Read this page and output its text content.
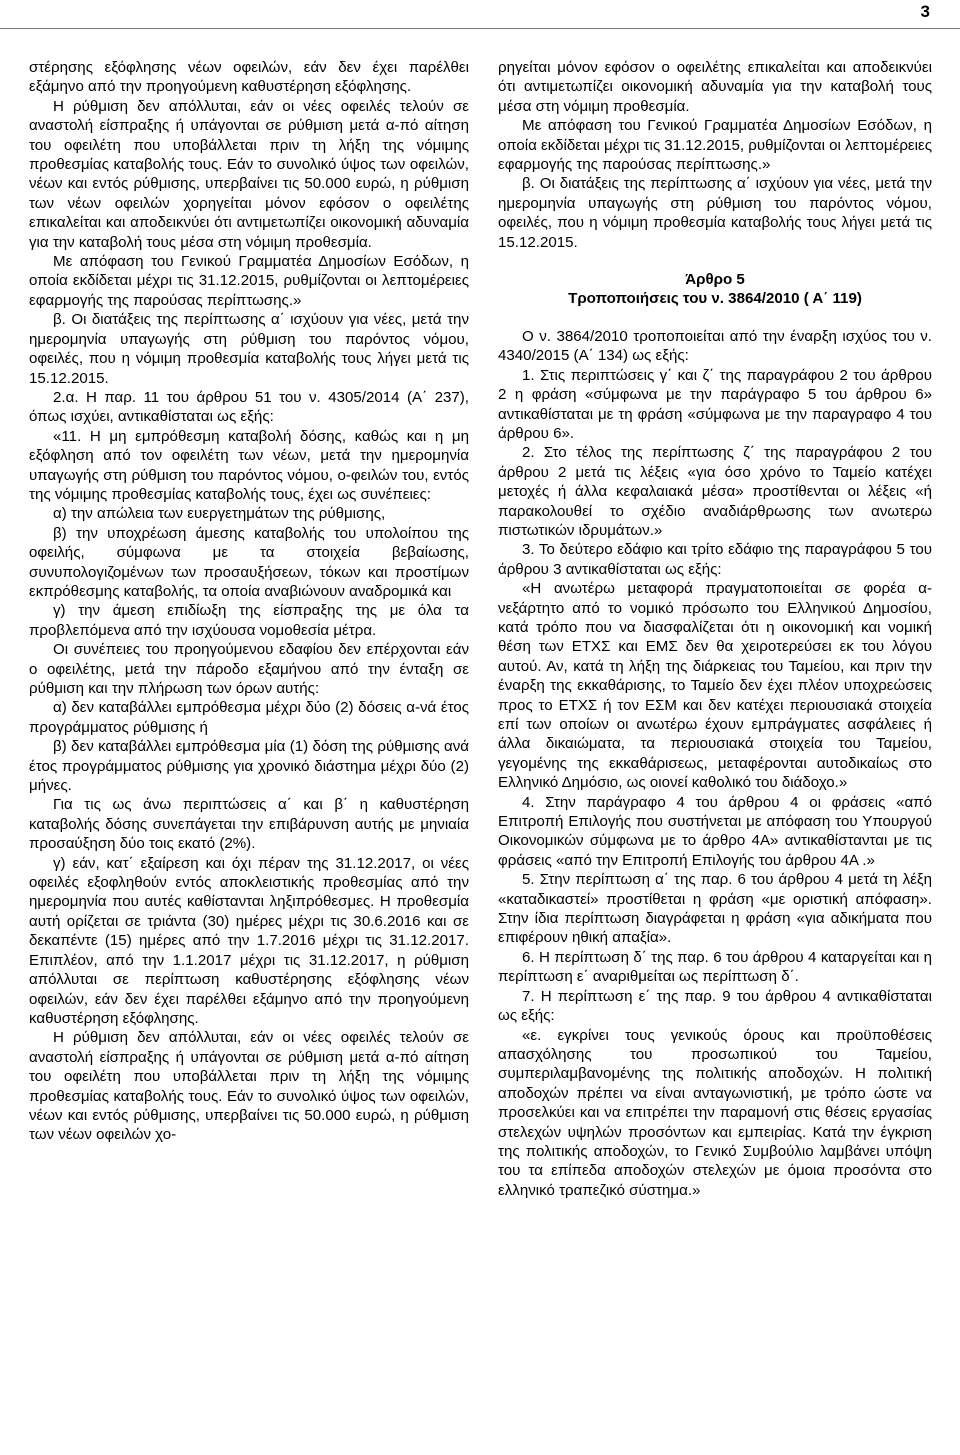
3

στέρησης εξόφλησης νέων οφειλών, εάν δεν έχει παρέλθει εξάμηνο από την προηγούμενη καθυστέρηση εξόφλησης.

Η ρύθμιση δεν απόλλυται, εάν οι νέες οφειλές τελούν σε αναστολή είσπραξης ή υπάγονται σε ρύθμιση μετά α-πό αίτηση του οφειλέτη που υποβάλλεται πριν τη λήξη της νόμιμης προθεσμίας καταβολής τους. Εάν το συνολικό ύψος των οφειλών, νέων και εντός ρύθμισης, υπερβαίνει τις 50.000 ευρώ, η ρύθμιση των νέων οφειλών χορηγείται μόνον εφόσον ο οφειλέτης επικαλείται και αποδεικνύει ότι αντιμετωπίζει οικονομική αδυναμία για την καταβολή τους μέσα στη νόμιμη προθεσμία.

Με απόφαση του Γενικού Γραμματέα Δημοσίων Εσόδων, η οποία εκδίδεται μέχρι τις 31.12.2015, ρυθμίζονται οι λεπτομέρειες εφαρμογής της παρούσας περίπτωσης.»

β. Οι διατάξεις της περίπτωσης α΄ ισχύουν για νέες, μετά την ημερομηνία υπαγωγής στη ρύθμιση του παρόντος νόμου, οφειλές, που η νόμιμη προθεσμία καταβολής τους λήγει μετά τις 15.12.2015.

2.α. Η παρ. 11 του άρθρου 51 του ν. 4305/2014 (Α΄ 237), όπως ισχύει, αντικαθίσταται ως εξής:

«11. Η μη εμπρόθεσμη καταβολή δόσης, καθώς και η μη εξόφληση από τον οφειλέτη των νέων, μετά την ημερομηνία υπαγωγής στη ρύθμιση του παρόντος νόμου, ο-φειλών του, εντός της νόμιμης προθεσμίας καταβολής τους, έχει ως συνέπειες:

α) την απώλεια των ευεργετημάτων της ρύθμισης,

β) την υποχρέωση άμεσης καταβολής του υπολοίπου της οφειλής, σύμφωνα με τα στοιχεία βεβαίωσης, συνυπολογιζομένων των προσαυξήσεων, τόκων και προστίμων εκπρόθεσμης καταβολής, τα οποία αναβιώνουν αναδρομικά και

γ) την άμεση επιδίωξη της είσπραξης της με όλα τα προβλεπόμενα από την ισχύουσα νομοθεσία μέτρα.

Οι συνέπειες του προηγούμενου εδαφίου δεν επέρχονται εάν ο οφειλέτης, μετά την πάροδο εξαμήνου από την ένταξη σε ρύθμιση και την πλήρωση των όρων αυτής:

α) δεν καταβάλλει εμπρόθεσμα μέχρι δύο (2) δόσεις α-νά έτος προγράμματος ρύθμισης ή

β) δεν καταβάλλει εμπρόθεσμα μία (1) δόση της ρύθμισης ανά έτος προγράμματος ρύθμισης για χρονικό διάστημα μέχρι δύο (2) μήνες.

Για τις ως άνω περιπτώσεις α΄ και β΄ η καθυστέρηση καταβολής δόσης συνεπάγεται την επιβάρυνση αυτής με μηνιαία προσαύξηση δύο τοις εκατό (2%).

γ) εάν, κατ΄ εξαίρεση και όχι πέραν της 31.12.2017, οι νέες οφειλές εξοφληθούν εντός αποκλειστικής προθεσμίας από την ημερομηνία που αυτές καθίστανται ληξιπρόθεσμες. Η προθεσμία αυτή ορίζεται σε τριάντα (30) ημέρες μέχρι τις 30.6.2016 και σε δεκαπέντε (15) ημέρες από την 1.7.2016 μέχρι τις 31.12.2017. Επιπλέον, από την 1.1.2017 μέχρι τις 31.12.2017, η ρύθμιση απόλλυται σε περίπτωση καθυστέρησης εξόφλησης νέων οφειλών, εάν δεν έχει παρέλθει εξάμηνο από την προηγούμενη καθυστέρηση εξόφλησης.

Η ρύθμιση δεν απόλλυται, εάν οι νέες οφειλές τελούν σε αναστολή είσπραξης ή υπάγονται σε ρύθμιση μετά α-πό αίτηση του οφειλέτη που υποβάλλεται πριν τη λήξη της νόμιμης προθεσμίας καταβολής τους. Εάν το συνολικό ύψος των οφειλών, νέων και εντός ρύθμισης, υπερβαίνει τις 50.000 ευρώ, η ρύθμιση των νέων οφειλών χο-

ρηγείται μόνον εφόσον ο οφειλέτης επικαλείται και αποδεικνύει ότι αντιμετωπίζει οικονομική αδυναμία για την καταβολή τους μέσα στη νόμιμη προθεσμία.

Με απόφαση του Γενικού Γραμματέα Δημοσίων Εσόδων, η οποία εκδίδεται μέχρι τις 31.12.2015, ρυθμίζονται οι λεπτομέρειες εφαρμογής της παρούσας περίπτωσης.»

β. Οι διατάξεις της περίπτωσης α΄ ισχύουν για νέες, μετά την ημερομηνία υπαγωγής στη ρύθμιση του παρόντος νόμου, οφειλές, που η νόμιμη προθεσμία καταβολής τους λήγει μετά τις 15.12.2015.

Άρθρο 5
Τροποποιήσεις του ν. 3864/2010 ( Α΄ 119)

Ο ν. 3864/2010 τροποποιείται από την έναρξη ισχύος του ν. 4340/2015 (Α΄ 134) ως εξής:

1. Στις περιπτώσεις γ΄ και ζ΄ της παραγράφου 2 του άρθρου 2 η φράση «σύμφωνα με την παράγραφο 5 του άρθρου 6» αντικαθίσταται με τη φράση «σύμφωνα με την παραγραφο 4 του άρθρου 6».

2. Στο τέλος της περίπτωσης ζ΄ της παραγράφου 2 του άρθρου 2 μετά τις λέξεις «για όσο χρόνο το Ταμείο κατέχει μετοχές ή άλλα κεφαλαιακά μέσα» προστίθενται οι λέξεις «ή παρακολουθεί το σχέδιο αναδιάρθρωσης των ανωτερω πιστωτικών ιδρυμάτων.»

3. Το δεύτερο εδάφιο και τρίτο εδάφιο της παραγράφου 5 του άρθρου 3 αντικαθίσταται ως εξής:

«Η ανωτέρω μεταφορά πραγματοποιείται σε φορέα α-νεξάρτητο από το νομικό πρόσωπο του Ελληνικού Δημοσίου, κατά τρόπο που να διασφαλίζεται ότι η οικονομική και νομική θέση των ΕΤΧΣ και ΕΜΣ δεν θα χειροτερεύσει εκ του λόγου αυτού. Αν, κατά τη λήξη της διάρκειας του Ταμείου, και πριν την έναρξη της εκκαθάρισης, το Ταμείο δεν έχει πλέον υποχρεώσεις προς το ΕΤΧΣ ή τον ΕΣΜ και δεν κατέχει περιουσιακά στοιχεία επί των οποίων οι ανωτέρω έχουν εμπράγματες ασφάλειες ή άλλα δικαιώματα, τα περιουσιακά στοιχεία του Ταμείου, γεγομένης της εκκαθάρισεως, μεταφέρονται αυτοδικαίως στο Ελληνικό Δημόσιο, ως οιονεί καθολικό του διάδοχο.»

4. Στην παράγραφο 4 του άρθρου 4 οι φράσεις «από Επιτροπή Επιλογής που συστήνεται με απόφαση του Υπουργού Οικονομικών σύμφωνα με το άρθρο 4Α» αντικαθίστανται με τις φράσεις «από την Επιτροπή Επιλογής του άρθρου 4Α .»

5. Στην περίπτωση α΄ της παρ. 6 του άρθρου 4 μετά τη λέξη «καταδικαστεί» προστίθεται η φράση «με οριστική απόφαση». Στην ίδια περίπτωση διαγράφεται η φράση «για αδικήματα που επιφέρουν ηθική απαξία».

6. Η περίπτωση δ΄ της παρ. 6 του άρθρου 4 καταργείται και η περίπτωση ε΄ αναριθμείται ως περίπτωση δ΄.

7. Η περίπτωση ε΄ της παρ. 9 του άρθρου 4 αντικαθίσταται ως εξής:

«ε. εγκρίνει τους γενικούς όρους και προϋποθέσεις απασχόλησης του προσωπικού του Ταμείου, συμπεριλαμβανομένης της πολιτικής αποδοχών. Η πολιτική αποδοχών πρέπει να είναι ανταγωνιστική, με τρόπο ώστε να προσελκύει και να επιτρέπει την παραμονή στις θέσεις εργασίας στελεχών υψηλών προσόντων και εμπειρίας. Κατά την έγκριση της πολιτικής αποδοχών, το Γενικό Συμβούλιο λαμβάνει υπόψη του τα επίπεδα αποδοχών στελεχών με όμοια προσόντα στο ελληνικό τραπεζικό σύστημα.»
